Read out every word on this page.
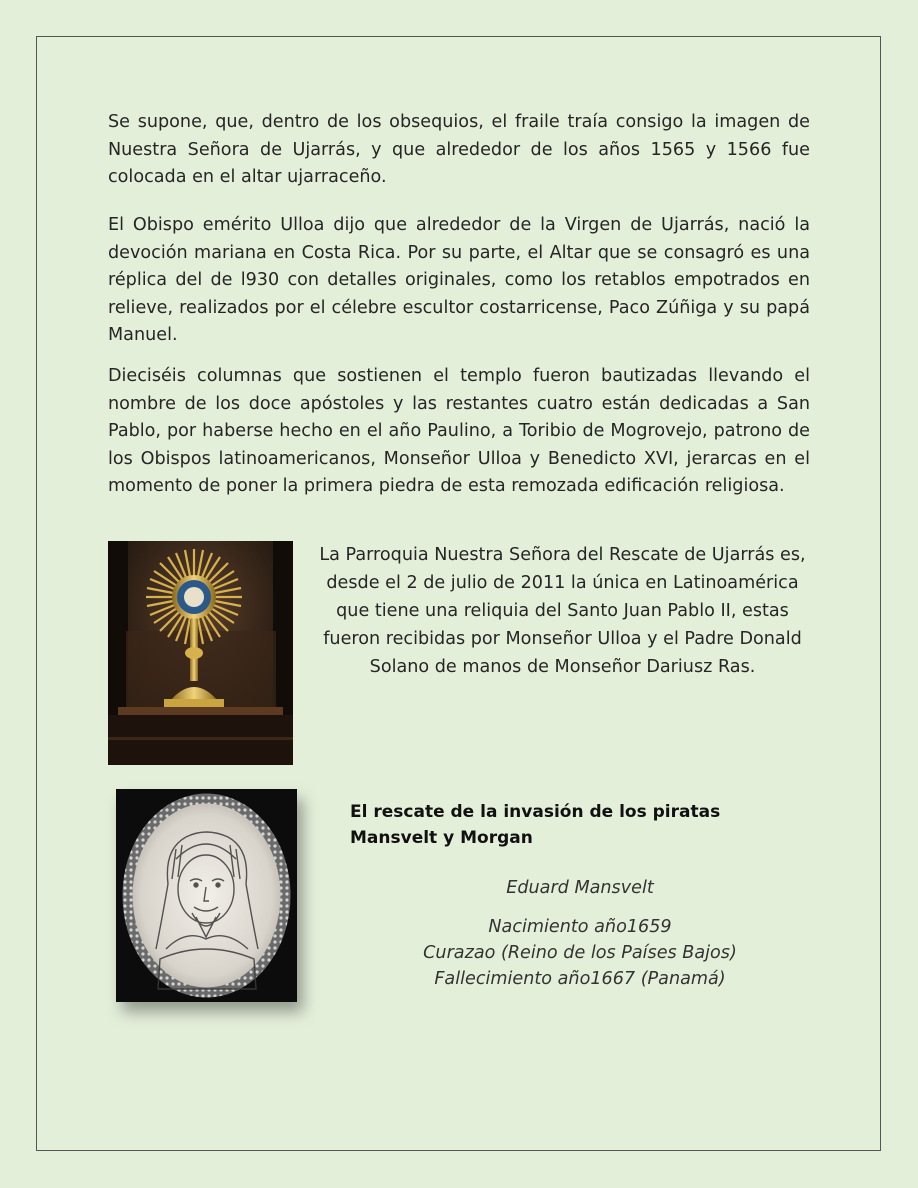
Se supone, que, dentro de los obsequios, el fraile traía consigo la imagen de Nuestra Señora de Ujarrás, y que alrededor de los años 1565 y 1566 fue colocada en el altar ujarraceño.

El Obispo emérito Ulloa dijo que alrededor de la Virgen de Ujarrás, nació la devoción mariana en Costa Rica. Por su parte, el Altar que se consagró es una réplica del de l930 con detalles originales, como los retablos empotrados en relieve, realizados por el célebre escultor costarricense, Paco Zúñiga y su papá Manuel.

Dieciséis columnas que sostienen el templo fueron bautizadas llevando el nombre de los doce apóstoles y las restantes cuatro están dedicadas a San Pablo, por haberse hecho en el año Paulino, a Toribio de Mogrovejo, patrono de los Obispos latinoamericanos, Monseñor Ulloa y Benedicto XVI, jerarcas en el momento de poner la primera piedra de esta remozada edificación religiosa.

La Parroquia Nuestra Señora del Rescate de Ujarrás es, desde el 2 de julio de 2011 la única en Latinoamérica que tiene una reliquia del Santo Juan Pablo II, estas fueron recibidas por Monseñor Ulloa y el Padre Donald Solano de manos de Monseñor Dariusz Ras.

El rescate de la invasión de los piratas Mansvelt y Morgan

Eduard Mansvelt

Nacimiento año1659
Curazao (Reino de los Países Bajos)
Fallecimiento año1667 (Panamá)
